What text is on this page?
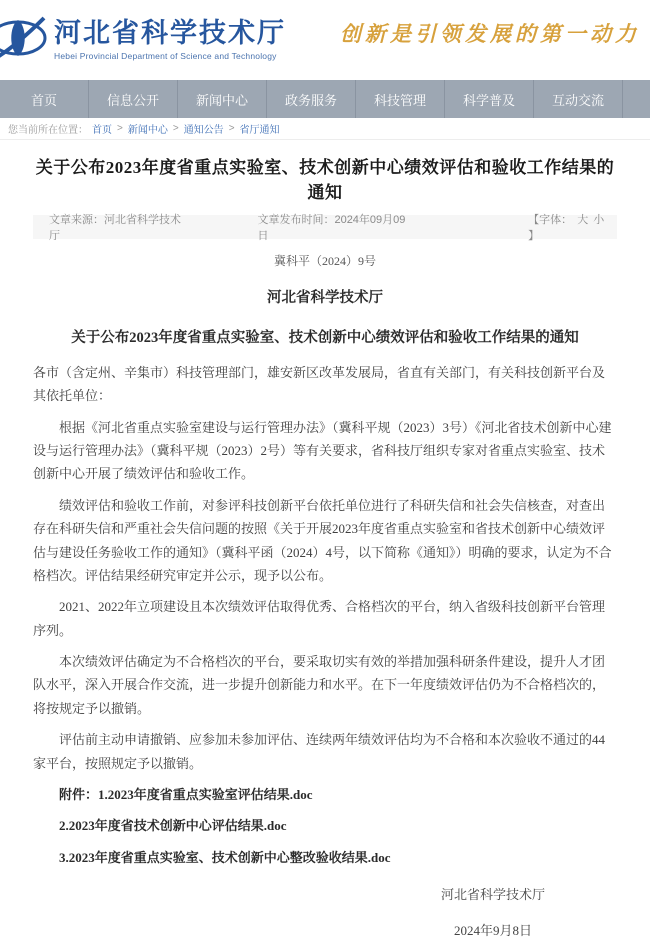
河北省科学技术厅
Hebei Provincial Department of Science and Technology
创新是引领发展的第一动力
首页	信息公开	新闻中心	政务服务	科技管理	科学普及	互动交流
您当前所在位置： 首页 > 新闻中心 > 通知公告 > 省厅通知
关于公布2023年度省重点实验室、技术创新中心绩效评估和验收工作结果的通知
文章来源：河北省科学技术厅
文章发布时间：2024年09月09日
【字体： 大 小 】
冀科平（2024）9号
河北省科学技术厅
关于公布2023年度省重点实验室、技术创新中心绩效评估和验收工作结果的通知

各市（含定州、辛集市）科技管理部门，雄安新区改革发展局，省直有关部门，有关科技创新平台及其依托单位：

根据《河北省重点实验室建设与运行管理办法》（冀科平规（2023）3号）《河北省技术创新中心建设与运行管理办法》（冀科平规（2023）2号）等有关要求，省科技厅组织专家对省重点实验室、技术创新中心开展了绩效评估和验收工作。

绩效评估和验收工作前，对参评科技创新平台依托单位进行了科研失信和社会失信核查，对查出存在科研失信和严重社会失信问题的按照《关于开展2023年度省重点实验室和省技术创新中心绩效评估与建设任务验收工作的通知》（冀科平函（2024）4号，以下简称《通知》）明确的要求，认定为不合格档次。评估结果经研究审定并公示，现予以公布。

2021、2022年立项建设且本次绩效评估取得优秀、合格档次的平台，纳入省级科技创新平台管理序列。

本次绩效评估确定为不合格档次的平台，要采取切实有效的举措加强科研条件建设，提升人才团队水平，深入开展合作交流，进一步提升创新能力和水平。在下一年度绩效评估仍为不合格档次的，将按规定予以撤销。

评估前主动申请撤销、应参加未参加评估、连续两年绩效评估均为不合格和本次验收不通过的44家平台，按照规定予以撤销。

附件：1.2023年度省重点实验室评估结果.doc
2.2023年度省技术创新中心评估结果.doc
3.2023年度省重点实验室、技术创新中心整改验收结果.doc
河北省科学技术厅
2024年9月8日
